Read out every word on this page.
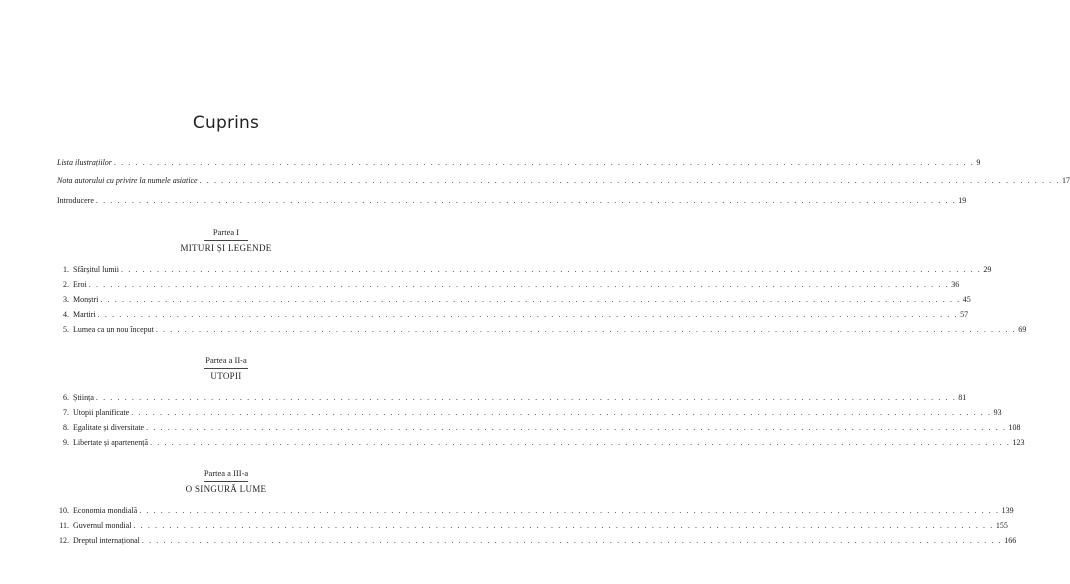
Cuprins
Lista ilustrațiilor . . . . . . . . . . . . . . . . . . . . . . . . . . . . . . . . . . . . . . . . . . . . . . . . . . . . . . . . . . . . . . . . . . . . . . . . . . . . . . . . . . . . . . . . . . . . . . . . . . . . . . . . . . . . . . . . . . . . . . . . 9
Nota autorului cu privire la numele asiatice . . . . . . . . . . . . . . . . . . . . . . . . . . . . . . . . . . . . . . . . . . . . . . . . . . . . . . . . . . . . . . . . . . . . . . . . . . . . . . . . . . . . . . . . . . . . . . . . . . . . . . . . . . . . . . . . . . . . . . . . 17
Introducere . . . . . . . . . . . . . . . . . . . . . . . . . . . . . . . . . . . . . . . . . . . . . . . . . . . . . . . . . . . . . . . . . . . . . . . . . . . . . . . . . . . . . . . . . . . . . . . . . . . . . . . . . . . . . . . . . . . . . . . . 19
Partea I
MITURI ȘI LEGENDE
1. Sfârșitul lumii . . . . . . . . . . . . . . . . . . . . . . . . . . . . . . . . . . . . . . . . . . . . . . . . . . . . . . . . . . . . . . . . . . . . . . . . . . . . . . . . . . . . . . . . . . . . . . . . . . . . . . . . . . . . . . . . . . . . . . . . 29
2. Eroi . . . . . . . . . . . . . . . . . . . . . . . . . . . . . . . . . . . . . . . . . . . . . . . . . . . . . . . . . . . . . . . . . . . . . . . . . . . . . . . . . . . . . . . . . . . . . . . . . . . . . . . . . . . . . . . . . . . . . . . . 36
3. Monștri . . . . . . . . . . . . . . . . . . . . . . . . . . . . . . . . . . . . . . . . . . . . . . . . . . . . . . . . . . . . . . . . . . . . . . . . . . . . . . . . . . . . . . . . . . . . . . . . . . . . . . . . . . . . . . . . . . . . . . . . 45
4. Martiri . . . . . . . . . . . . . . . . . . . . . . . . . . . . . . . . . . . . . . . . . . . . . . . . . . . . . . . . . . . . . . . . . . . . . . . . . . . . . . . . . . . . . . . . . . . . . . . . . . . . . . . . . . . . . . . . . . . . . . . . 57
5. Lumea ca un nou început . . . . . . . . . . . . . . . . . . . . . . . . . . . . . . . . . . . . . . . . . . . . . . . . . . . . . . . . . . . . . . . . . . . . . . . . . . . . . . . . . . . . . . . . . . . . . . . . . . . . . . . . . . . . . . . . . . . . . . . . 69
Partea a II-a
UTOPII
6. Știința . . . . . . . . . . . . . . . . . . . . . . . . . . . . . . . . . . . . . . . . . . . . . . . . . . . . . . . . . . . . . . . . . . . . . . . . . . . . . . . . . . . . . . . . . . . . . . . . . . . . . . . . . . . . . . . . . . . . . . . . 81
7. Utopii planificate . . . . . . . . . . . . . . . . . . . . . . . . . . . . . . . . . . . . . . . . . . . . . . . . . . . . . . . . . . . . . . . . . . . . . . . . . . . . . . . . . . . . . . . . . . . . . . . . . . . . . . . . . . . . . . . . . . . . . . . . 93
8. Egalitate și diversitate . . . . . . . . . . . . . . . . . . . . . . . . . . . . . . . . . . . . . . . . . . . . . . . . . . . . . . . . . . . . . . . . . . . . . . . . . . . . . . . . . . . . . . . . . . . . . . . . . . . . . . . . . . . . . . . . . . . . . . . . 108
9. Libertate și apartenență . . . . . . . . . . . . . . . . . . . . . . . . . . . . . . . . . . . . . . . . . . . . . . . . . . . . . . . . . . . . . . . . . . . . . . . . . . . . . . . . . . . . . . . . . . . . . . . . . . . . . . . . . . . . . . . . . . . . . . . . 123
Partea a III-a
O SINGURĂ LUME
10. Economia mondială . . . . . . . . . . . . . . . . . . . . . . . . . . . . . . . . . . . . . . . . . . . . . . . . . . . . . . . . . . . . . . . . . . . . . . . . . . . . . . . . . . . . . . . . . . . . . . . . . . . . . . . . . . . . . . . . . . . . . . . . 139
11. Guvernul mondial . . . . . . . . . . . . . . . . . . . . . . . . . . . . . . . . . . . . . . . . . . . . . . . . . . . . . . . . . . . . . . . . . . . . . . . . . . . . . . . . . . . . . . . . . . . . . . . . . . . . . . . . . . . . . . . . . . . . . . . . 155
12. Dreptul internațional . . . . . . . . . . . . . . . . . . . . . . . . . . . . . . . . . . . . . . . . . . . . . . . . . . . . . . . . . . . . . . . . . . . . . . . . . . . . . . . . . . . . . . . . . . . . . . . . . . . . . . . . . . . . . . . . . . . . . . . . 166
